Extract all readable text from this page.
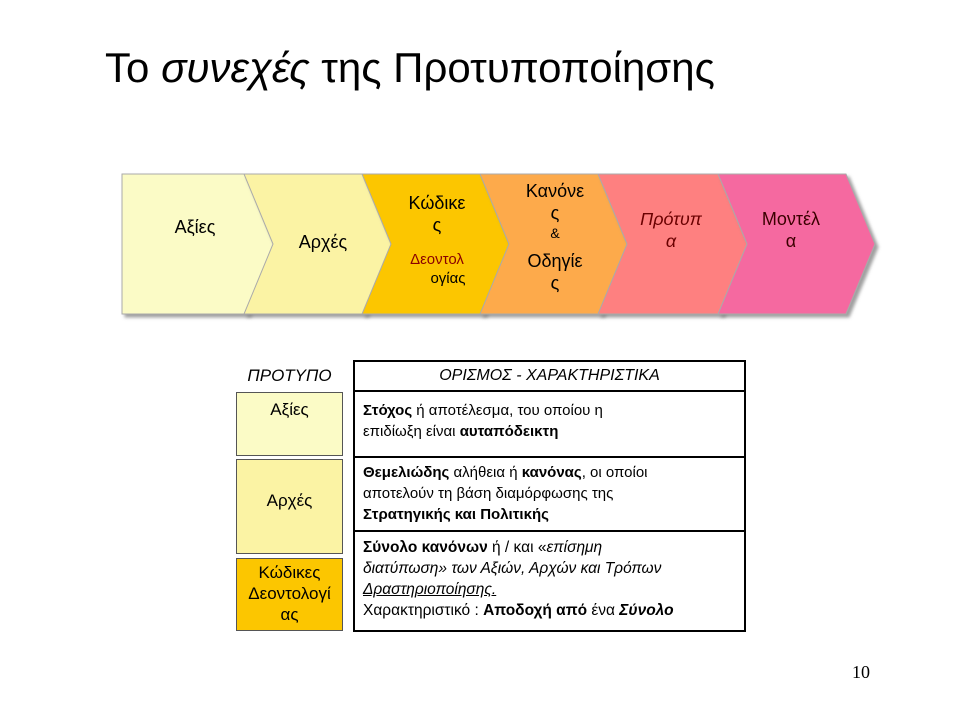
Το συνεχές της Προτυποποίησης
Αξίες
Αρχές
Κώδικε
ς
Δεοντολ
ογίας
Κανόνε
ς
&
Οδηγίε
ς
Πρότυπ
α
Μοντέλ
α
ΠΡΟΤΥΠΟ
Αξίες
Αρχές
Κώδικες
Δεοντολογί
ας
ΟΡΙΣΜΟΣ - ΧΑΡΑΚΤΗΡΙΣΤΙΚΑ
Στόχος ή αποτέλεσμα, του οποίου η
επιδίωξη είναι αυταπόδεικτη
Θεμελιώδης αλήθεια ή κανόνας, οι οποίοι
αποτελούν τη βάση διαμόρφωσης της
Στρατηγικής και Πολιτικής
Σύνολο κανόνων ή / και «επίσημη
διατύπωση» των Αξιών, Αρχών και Τρόπων
Δραστηριοποίησης.
Χαρακτηριστικό : Αποδοχή από ένα Σύνολο
10
